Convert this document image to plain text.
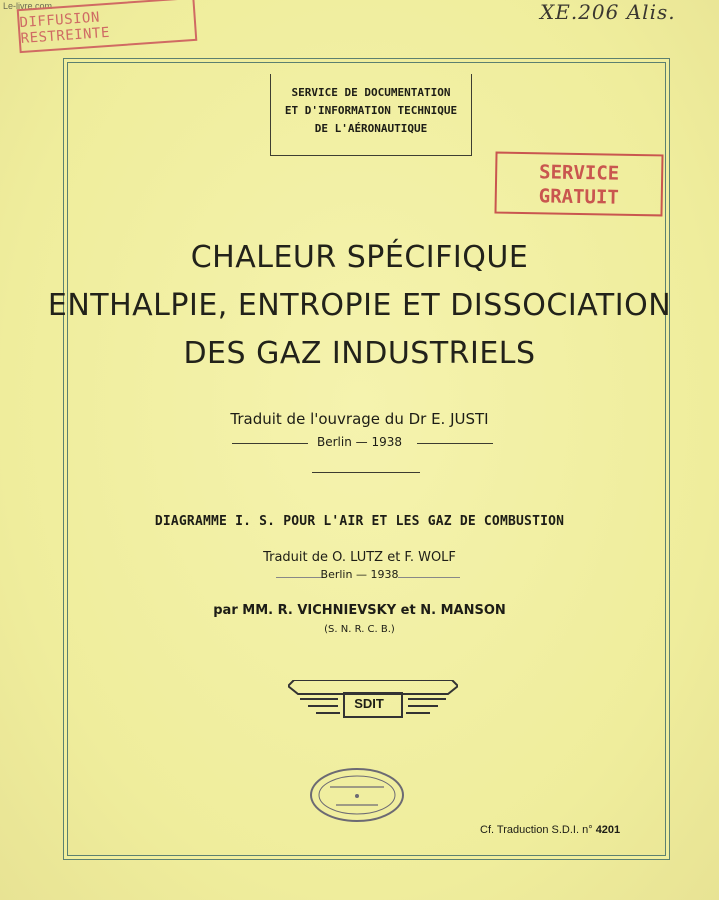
Le-livre.com
DIFFUSION RESTREINTE
XE.206 Alis.
SERVICE DE DOCUMENTATION
ET D'INFORMATION TECHNIQUE
DE L'AÉRONAUTIQUE
SERVICE
GRATUIT
CHALEUR SPÉCIFIQUE
ENTHALPIE, ENTROPIE ET DISSOCIATION
DES GAZ INDUSTRIELS
Traduit de l'ouvrage du Dr E. JUSTI
Berlin — 1938
DIAGRAMME I. S. POUR L'AIR ET LES GAZ DE COMBUSTION
Traduit de O. LUTZ et F. WOLF
Berlin — 1938
par MM. R. VICHNIEVSKY et N. MANSON
(S. N. R. C. B.)
SDIT
Cf. Traduction S.D.I. n° 4201
